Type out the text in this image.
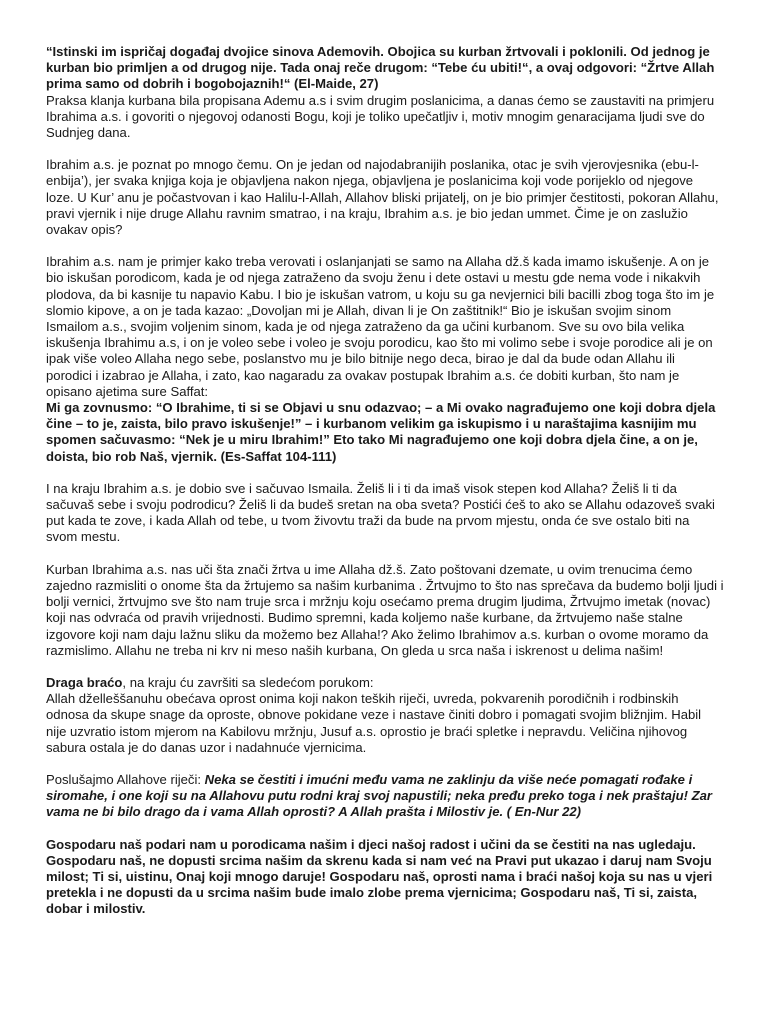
“Istinski im ispričaj događaj dvojice sinova Ademovih. Obojica su kurban žrtvovali i poklonili. Od jednog je kurban bio primljen a od drugog nije. Tada onaj reče drugom: “Tebe ću ubiti!“, a ovaj odgovori: “Žrtve Allah prima samo od dobrih i bogobojaznih!“ (El-Maide, 27)
Praksa klanja kurbana bila propisana Ademu a.s i svim drugim poslanicima, a danas ćemo se zaustaviti na primjeru Ibrahima a.s. i govoriti o njegovoj odanosti Bogu, koji je toliko upečatljiv i, motiv mnogim genaracijama ljudi sve do Sudnjeg dana.

Ibrahim a.s. je poznat po mnogo čemu. On je jedan od najodabranijih poslanika, otac je svih vjerovjesnika (ebu-l-enbija’), jer svaka knjiga koja je objavljena nakon njega, objavljena je poslanicima koji vode porijeklo od njegove loze. U Kur’ anu je počastvovan i kao Halilu-l-Allah, Allahov bliski prijatelj, on je bio primjer čestitosti, pokoran Allahu, pravi vjernik i nije druge Allahu ravnim smatrao, i na kraju, Ibrahim a.s. je bio jedan ummet. Čime je on zaslužio ovakav opis?

Ibrahim a.s. nam je primjer kako treba verovati i oslanjanjati se samo na Allaha dž.š kada imamo iskušenje. A on je bio iskušan porodicom, kada je od njega zatraženo da svoju ženu i dete ostavi u mestu gde nema vode i nikakvih plodova, da bi kasnije tu napavio Kabu. I bio je iskušan vatrom, u koju su ga nevjernici bili bacilli zbog toga što im je slomio kipove, a on je tada kazao: „Dovoljan mi je Allah, divan li je On zaštitnik!“ Bio je iskušan svojim sinom Ismailom a.s., svojim voljenim sinom, kada je od njega zatraženo da ga učini kurbanom. Sve su ovo bila velika iskušenja Ibrahimu a.s, i on je voleo sebe i voleo je svoju porodicu, kao što mi volimo sebe i svoje porodice ali je on ipak više voleo Allaha nego sebe, poslanstvo mu je bilo bitnije nego deca, birao je dal da bude odan Allahu ili porodici i izabrao je Allaha, i zato, kao nagaradu za ovakav postupak Ibrahim a.s. će dobiti kurban, što nam je opisano ajetima sure Saffat:
Mi ga zovnusmo: “O Ibrahime, ti si se Objavi u snu odazvao; – a Mi ovako nagrađujemo one koji dobra djela čine – to je, zaista, bilo pravo iskušenje!” – i kurbanom velikim ga iskupismo i u naraštajima kasnijim mu spomen sačuvasmo: “Nek je u miru Ibrahim!” Eto tako Mi nagrađujemo one koji dobra djela čine, a on je, doista, bio rob Naš, vjernik. (Es-Saffat 104-111)

I na kraju Ibrahim a.s. je dobio sve i sačuvao Ismaila. Želiš li i ti da imaš visok stepen kod Allaha? Želiš li ti da sačuvaš sebe i svoju podrodicu? Želiš li da budeš sretan na oba sveta? Postići ćeš to ako se Allahu odazoveš svaki put kada te zove, i kada Allah od tebe, u tvom živovtu traži da bude na prvom mjestu, onda će sve ostalo biti na svom mestu.

Kurban Ibrahima a.s. nas uči šta znači žrtva u ime Allaha dž.š. Zato poštovani dzemate, u ovim trenucima ćemo zajedno razmisliti o onome šta da žrtujemo sa našim kurbanima . Žrtvujmo to što nas sprečava da budemo bolji ljudi i bolji vernici, žrtvujmo sve što nam truje srca i mržnju koju osećamo prema drugim ljudima, Žrtvujmo imetak (novac) koji nas odvraća od pravih vrijednosti. Budimo spremni, kada koljemo naše kurbane, da žrtvujemo naše stalne izgovore koji nam daju lažnu sliku da možemo bez Allaha!? Ako želimo Ibrahimov a.s. kurban o ovome moramo da razmislimo. Allahu ne treba ni krv ni meso naših kurbana, On gleda u srca naša i iskrenost u delima našim!

Draga braćo, na kraju ću završiti sa sledećom porukom:
Allah dželleššanuhu obećava oprost onima koji nakon teških riječi, uvreda, pokvarenih porodičnih i rodbinskih odnosa da skupe snage da oproste, obnove pokidane veze i nastave činiti dobro i pomagati svojim bližnjim. Habil nije uzvratio istom mjerom na Kabilovu mržnju, Jusuf a.s. oprostio je braći spletke i nepravdu. Veličina njihovog sabura ostala je do danas uzor i nadahnuće vjernicima.

Poslušajmo Allahove riječi: Neka se čestiti i imućni među vama ne zaklinju da više neće pomagati rođake i siromahe, i one koji su na Allahovu putu rodni kraj svoj napustili; neka pređu preko toga i nek praštaju! Zar vama ne bi bilo drago da i vama Allah oprosti? A Allah prašta i Milostiv je. ( En-Nur 22)

Gospodaru naš podari nam u porodicama našim i djeci našoj radost i učini da se čestiti na nas ugledaju. Gospodaru naš, ne dopusti srcima našim da skrenu kada si nam već na Pravi put ukazao i daruj nam Svoju milost; Ti si, uistinu, Onaj koji mnogo daruje! Gospodaru naš, oprosti nama i braći našoj koja su nas u vjeri pretekla i ne dopusti da u srcima našim bude imalo zlobe prema vjernicima; Gospodaru naš, Ti si, zaista, dobar i milostiv.
